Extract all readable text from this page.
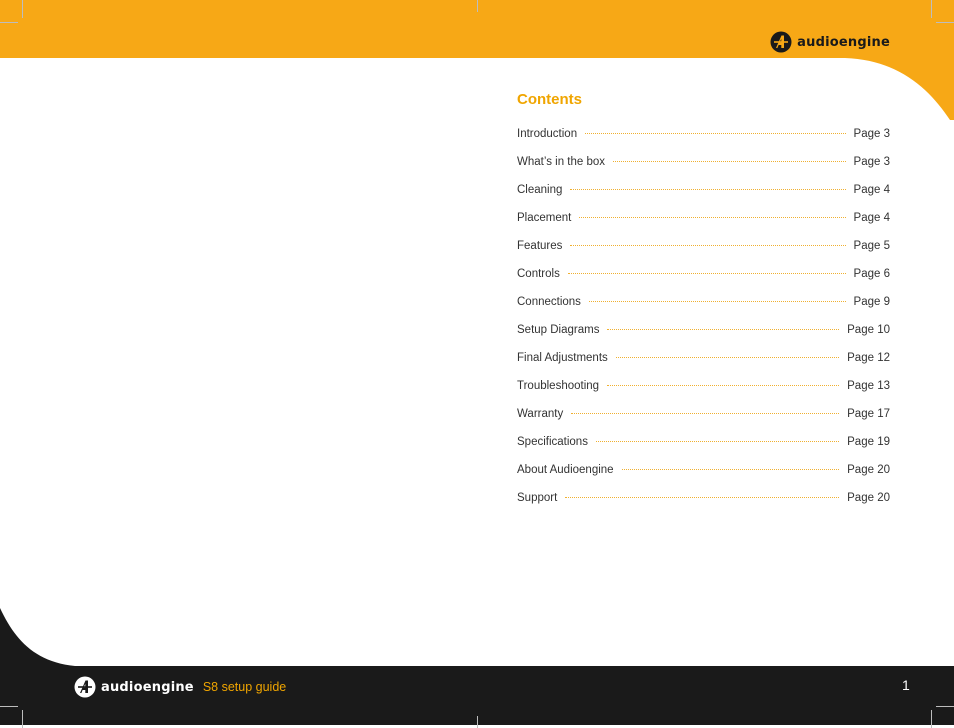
audioengine
Contents
Introduction	Page 3
What’s in the box	Page 3
Cleaning	Page 4
Placement	Page 4
Features	Page 5
Controls	Page 6
Connections	Page 9
Setup Diagrams	Page 10
Final Adjustments	Page 12
Troubleshooting	Page 13
Warranty	Page 17
Specifications	Page 19
About Audioengine	Page 20
Support	Page 20
audioengine S8 setup guide	1
